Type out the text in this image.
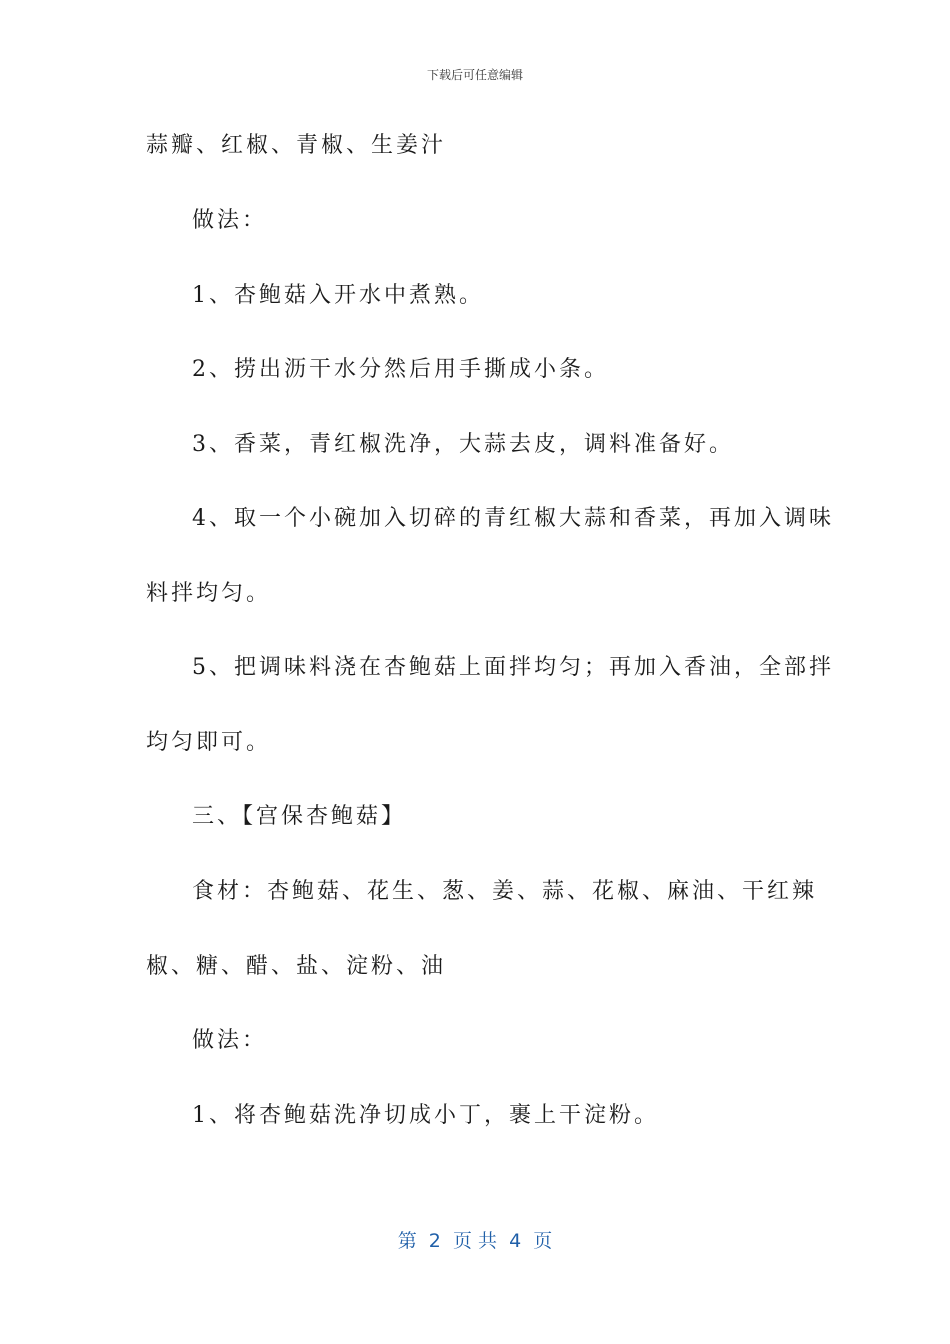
下载后可任意编辑
蒜瓣、红椒、青椒、生姜汁
做法：
1、杏鲍菇入开水中煮熟。
2、捞出沥干水分然后用手撕成小条。
3、香菜，青红椒洗净，大蒜去皮，调料准备好。
4、取一个小碗加入切碎的青红椒大蒜和香菜，再加入调味
料拌均匀。
5、把调味料浇在杏鲍菇上面拌均匀；再加入香油，全部拌
均匀即可。
三、【宫保杏鲍菇】
食材：杏鲍菇、花生、葱、姜、蒜、花椒、麻油、干红辣
椒、糖、醋、盐、淀粉、油
做法：
1、将杏鲍菇洗净切成小丁，裹上干淀粉。
第  2  页 共  4  页
